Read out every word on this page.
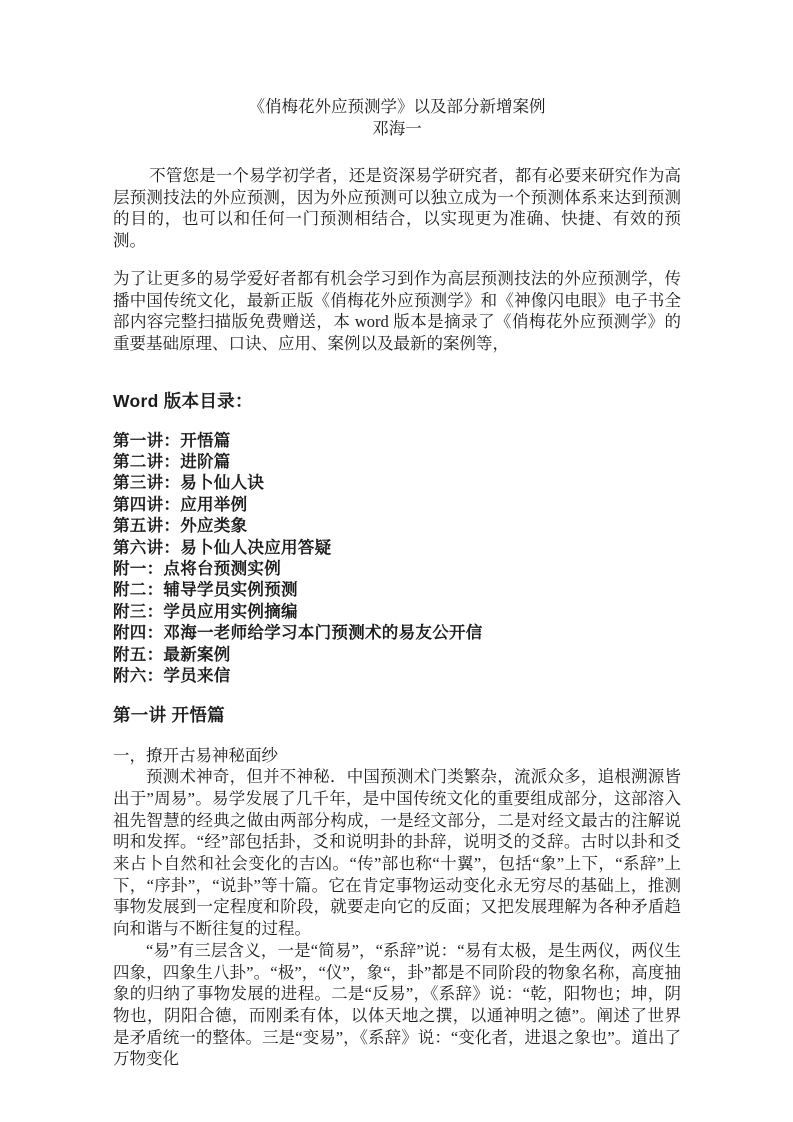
《俏梅花外应预测学》以及部分新增案例
邓海一

不管您是一个易学初学者，还是资深易学研究者，都有必要来研究作为高层预测技法的外应预测，因为外应预测可以独立成为一个预测体系来达到预测的目的，也可以和任何一门预测相结合，以实现更为准确、快捷、有效的预测。

为了让更多的易学爱好者都有机会学习到作为高层预测技法的外应预测学，传播中国传统文化，最新正版《俏梅花外应预测学》和《神像闪电眼》电子书全部内容完整扫描版免费赠送，本 word 版本是摘录了《俏梅花外应预测学》的重要基础原理、口诀、应用、案例以及最新的案例等，

Word 版本目录：
第一讲：开悟篇
第二讲：进阶篇
第三讲：易卜仙人诀
第四讲：应用举例
第五讲：外应类象
第六讲：易卜仙人决应用答疑
附一：点将台预测实例
附二：辅导学员实例预测
附三：学员应用实例摘编
附四：邓海一老师给学习本门预测术的易友公开信
附五：最新案例
附六：学员来信
第一讲 开悟篇
一，撩开古易神秘面纱

预测术神奇，但并不神秘．中国预测术门类繁杂，流派众多，追根溯源皆出于”周易”。易学发展了几千年，是中国传统文化的重要组成部分，这部溶入祖先智慧的经典之做由两部分构成，一是经文部分，二是对经文最古的注解说明和发挥。“经”部包括卦，爻和说明卦的卦辞，说明爻的爻辞。古时以卦和爻来占卜自然和社会变化的吉凶。“传”部也称“十翼”，包括“象”上下，“系辞”上下，“序卦”，“说卦”等十篇。它在肯定事物运动变化永无穷尽的基础上，推测事物发展到一定程度和阶段，就要走向它的反面；又把发展理解为各种矛盾趋向和谐与不断往复的过程。

“易”有三层含义，一是“简易”，“系辞”说：“易有太极，是生两仪，两仪生四象，四象生八卦”。“极”，“仪”，象“，卦”都是不同阶段的物象名称，高度抽象的归纳了事物发展的进程。二是“反易”，《系辞》说：“乾，阳物也；坤，阴物也，阴阳合德，而刚柔有体，以体天地之撰，以通神明之德”。阐述了世界是矛盾统一的整体。三是“变易”，《系辞》说：“变化者，进退之象也”。道出了万物变化
